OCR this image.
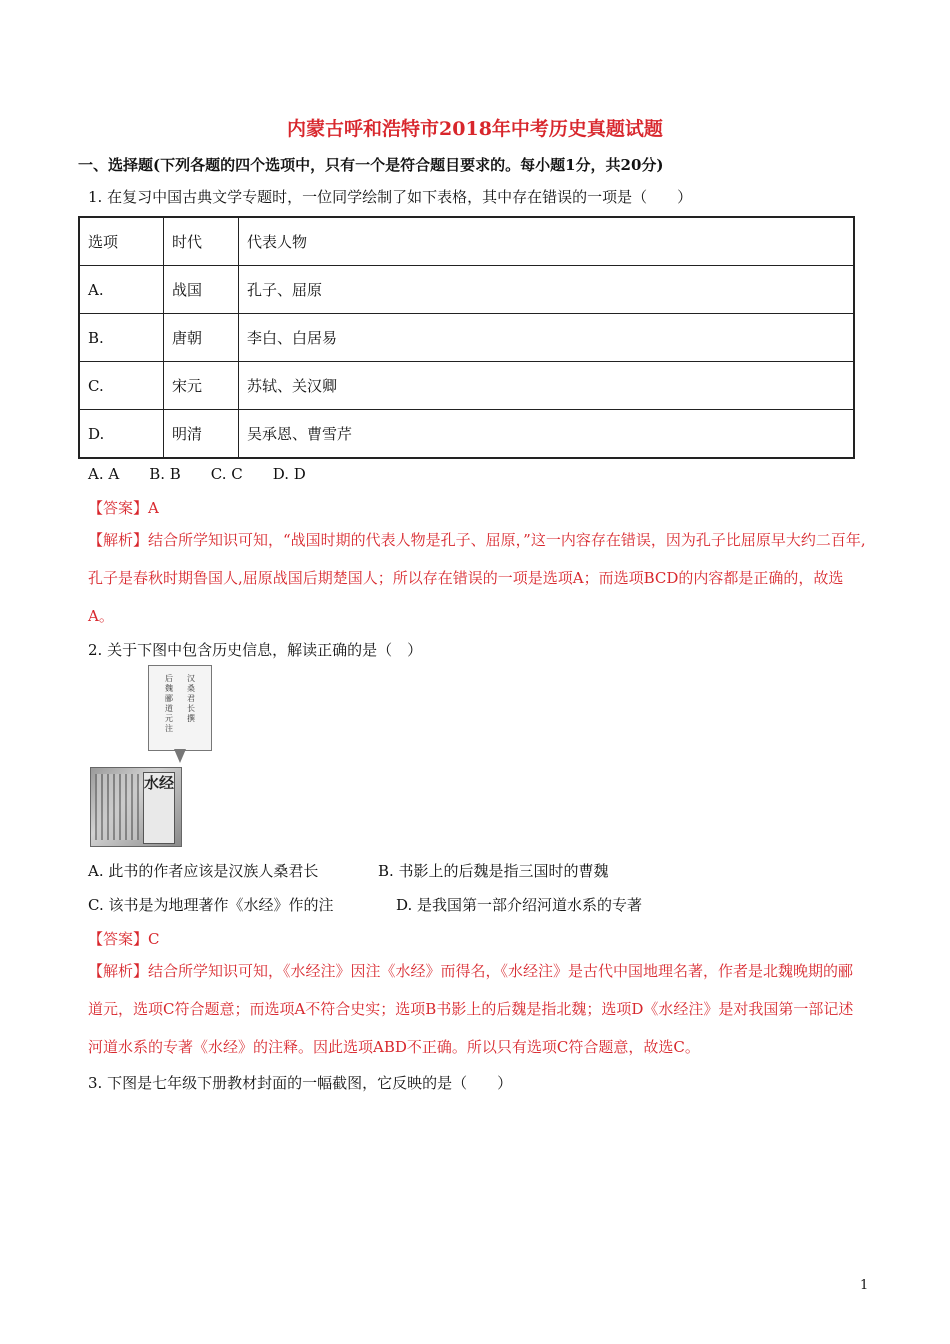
内蒙古呼和浩特市2018年中考历史真题试题
一、选择题(下列各题的四个选项中，只有一个是符合题目要求的。每小题1分，共20分)
1. 在复习中国古典文学专题时，一位同学绘制了如下表格，其中存在错误的一项是（　　）
选项	时代	代表人物
A.	战国	孔子、屈原
B.	唐朝	李白、白居易
C.	宋元	苏轼、关汉卿
D.	明清	吴承恩、曹雪芹
A. A　　B. B　　C. C　　D. D
【答案】A
【解析】结合所学知识可知，“战国时期的代表人物是孔子、屈原，”这一内容存在错误，因为孔子比屈原早大约二百年,孔子是春秋时期鲁国人,屈原战国后期楚国人；所以存在错误的一项是选项A；而选项BCD的内容都是正确的，故选A。
2. 关于下图中包含历史信息，解读正确的是（　）
汉桑君长撰
后魏郦道元注
水经
A. 此书的作者应该是汉族人桑君长	B. 书影上的后魏是指三国时的曹魏
C. 该书是为地理著作《水经》作的注	D. 是我国第一部介绍河道水系的专著
【答案】C
【解析】结合所学知识可知，《水经注》因注《水经》而得名，《水经注》是古代中国地理名著，作者是北魏晚期的郦道元，选项C符合题意；而选项A不符合史实；选项B书影上的后魏是指北魏；选项D《水经注》是对我国第一部记述河道水系的专著《水经》的注释。因此选项ABD不正确。所以只有选项C符合题意，故选C。
3. 下图是七年级下册教材封面的一幅截图，它反映的是（　　）
1
